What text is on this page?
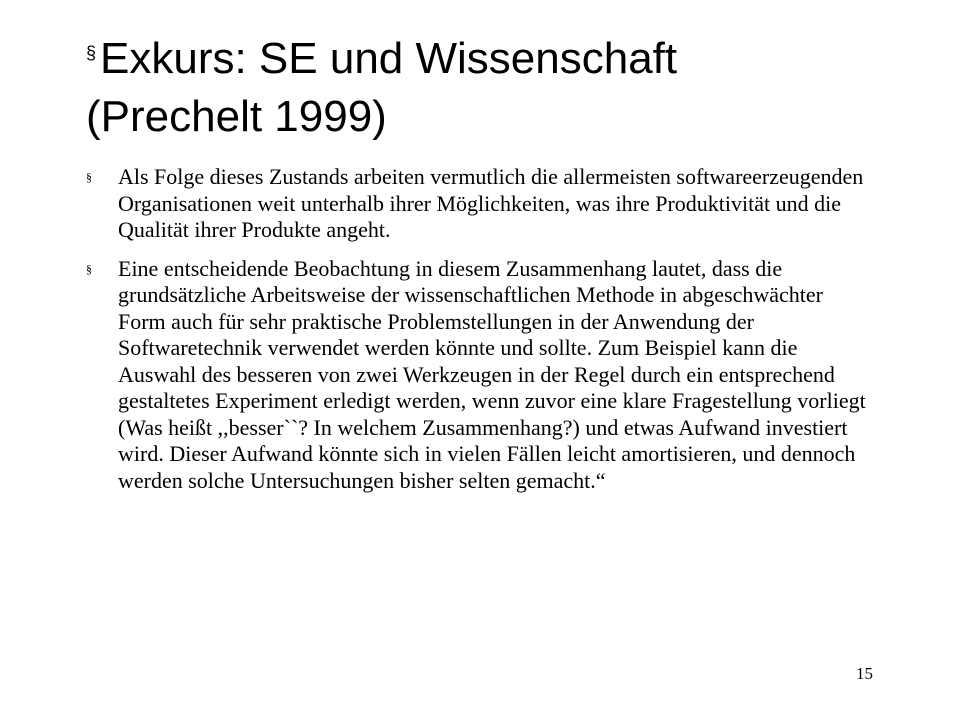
§Exkurs: SE und Wissenschaft
(Prechelt 1999)
§ Als Folge dieses Zustands arbeiten vermutlich die allermeisten softwareerzeugenden Organisationen weit unterhalb ihrer Möglichkeiten, was ihre Produktivität und die Qualität ihrer Produkte angeht.
§ Eine entscheidende Beobachtung in diesem Zusammenhang lautet, dass die grundsätzliche Arbeitsweise der wissenschaftlichen Methode in abgeschwächter Form auch für sehr praktische Problemstellungen in der Anwendung der Softwaretechnik verwendet werden könnte und sollte. Zum Beispiel kann die Auswahl des besseren von zwei Werkzeugen in der Regel durch ein entsprechend gestaltetes Experiment erledigt werden, wenn zuvor eine klare Fragestellung vorliegt (Was heißt ,,besser``? In welchem Zusammenhang?) und etwas Aufwand investiert wird. Dieser Aufwand könnte sich in vielen Fällen leicht amortisieren, und dennoch werden solche Untersuchungen bisher selten gemacht.“
15
